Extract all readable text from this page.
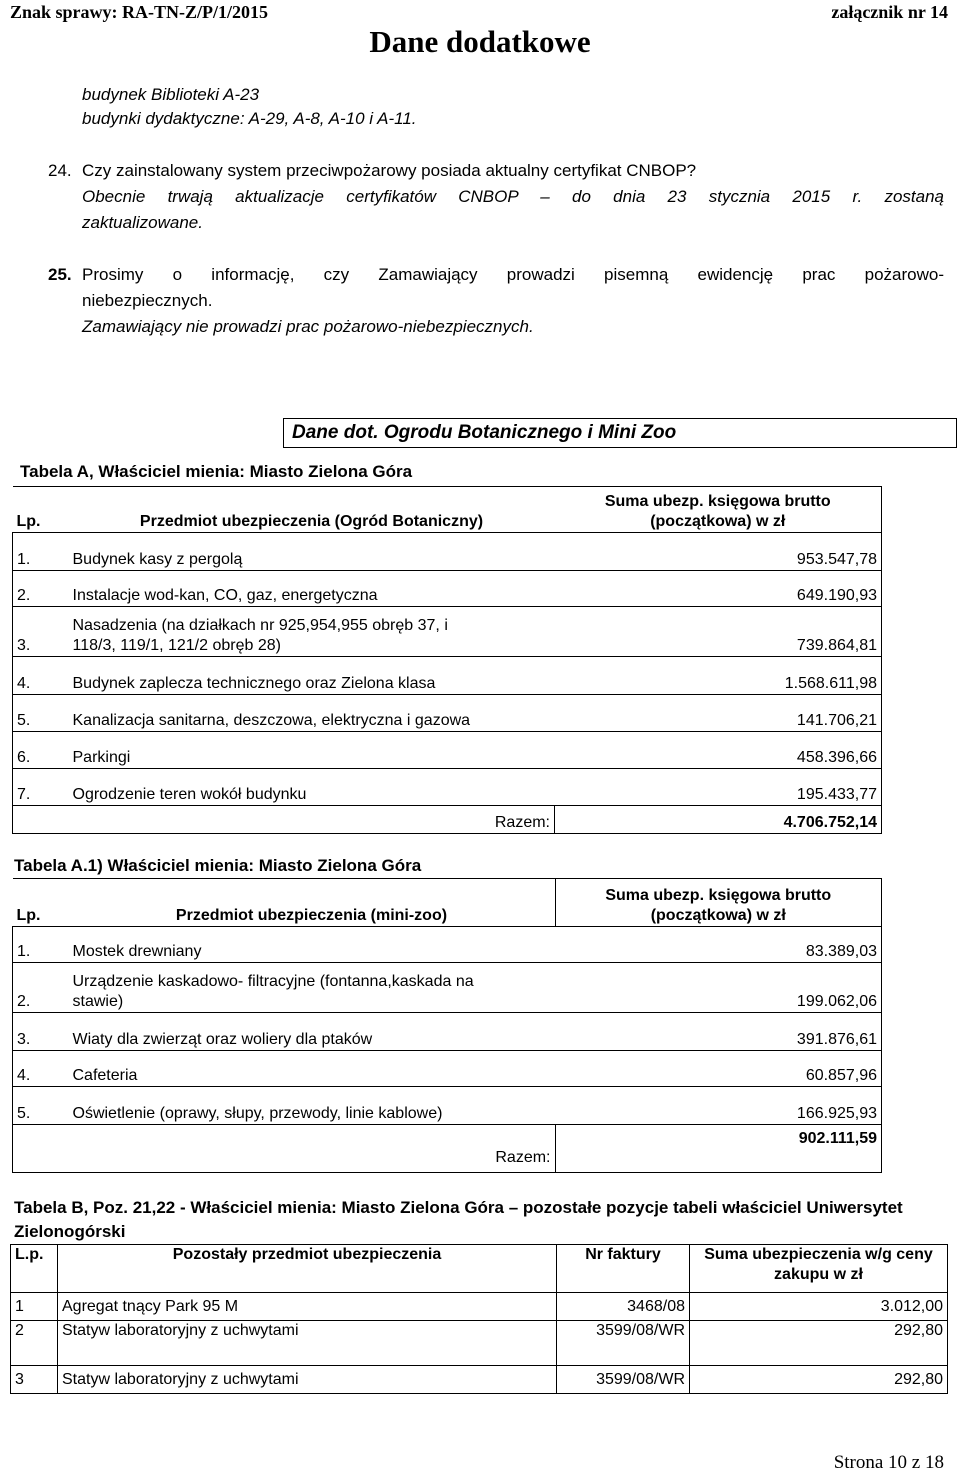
Znak sprawy: RA-TN-Z/P/1/2015	załącznik nr 14
Dane dodatkowe
budynek Biblioteki A-23
budynki dydaktyczne: A-29, A-8, A-10 i A-11.
24. Czy zainstalowany system przeciwpożarowy posiada aktualny certyfikat CNBOP?
Obecnie trwają aktualizacje certyfikatów CNBOP – do dnia 23 stycznia 2015 r. zostaną
zaktualizowane.
25. Prosimy o informację, czy Zamawiający prowadzi pisemną ewidencję prac pożarowo-
niebezpiecznych.
Zamawiający nie prowadzi prac pożarowo-niebezpiecznych.
Dane dot. Ogrodu Botanicznego i Mini Zoo
Tabela A, Właściciel mienia: Miasto Zielona Góra
Lp.	Przedmiot ubezpieczenia (Ogród Botaniczny)	Suma ubezp. księgowa brutto
(początkowa) w zł
1.	Budynek kasy z pergolą	953.547,78
2.	Instalacje wod-kan, CO, gaz, energetyczna	649.190,93
3.	Nasadzenia (na działkach nr 925,954,955 obręb 37, i 118/3, 119/1, 121/2 obręb 28)	739.864,81
4.	Budynek zaplecza technicznego oraz Zielona klasa	1.568.611,98
5.	Kanalizacja sanitarna, deszczowa, elektryczna i gazowa	141.706,21
6.	Parkingi	458.396,66
7.	Ogrodzenie teren wokół budynku	195.433,77
	Razem:	4.706.752,14
Tabela A.1) Właściciel mienia: Miasto Zielona Góra
Lp.	Przedmiot ubezpieczenia (mini-zoo)	Suma ubezp. księgowa brutto
(początkowa) w zł
1.	Mostek drewniany	83.389,03
2.	Urządzenie kaskadowo- filtracyjne (fontanna,kaskada na stawie)	199.062,06
3.	Wiaty dla zwierząt oraz woliery dla ptaków	391.876,61
4.	Cafeteria	60.857,96
5.	Oświetlenie (oprawy, słupy, przewody, linie kablowe)	166.925,93
	Razem:	902.111,59
Tabela B, Poz. 21,22 - Właściciel mienia: Miasto Zielona Góra – pozostałe pozycje tabeli właściciel Uniwersytet Zielonogórski
L.p.	Pozostały przedmiot ubezpieczenia	Nr faktury	Suma ubezpieczenia w/g ceny zakupu w zł
1	Agregat tnący Park 95 M	3468/08	3.012,00
2	Statyw laboratoryjny z uchwytami	3599/08/WR	292,80
3	Statyw laboratoryjny z uchwytami	3599/08/WR	292,80
Strona 10 z 18
